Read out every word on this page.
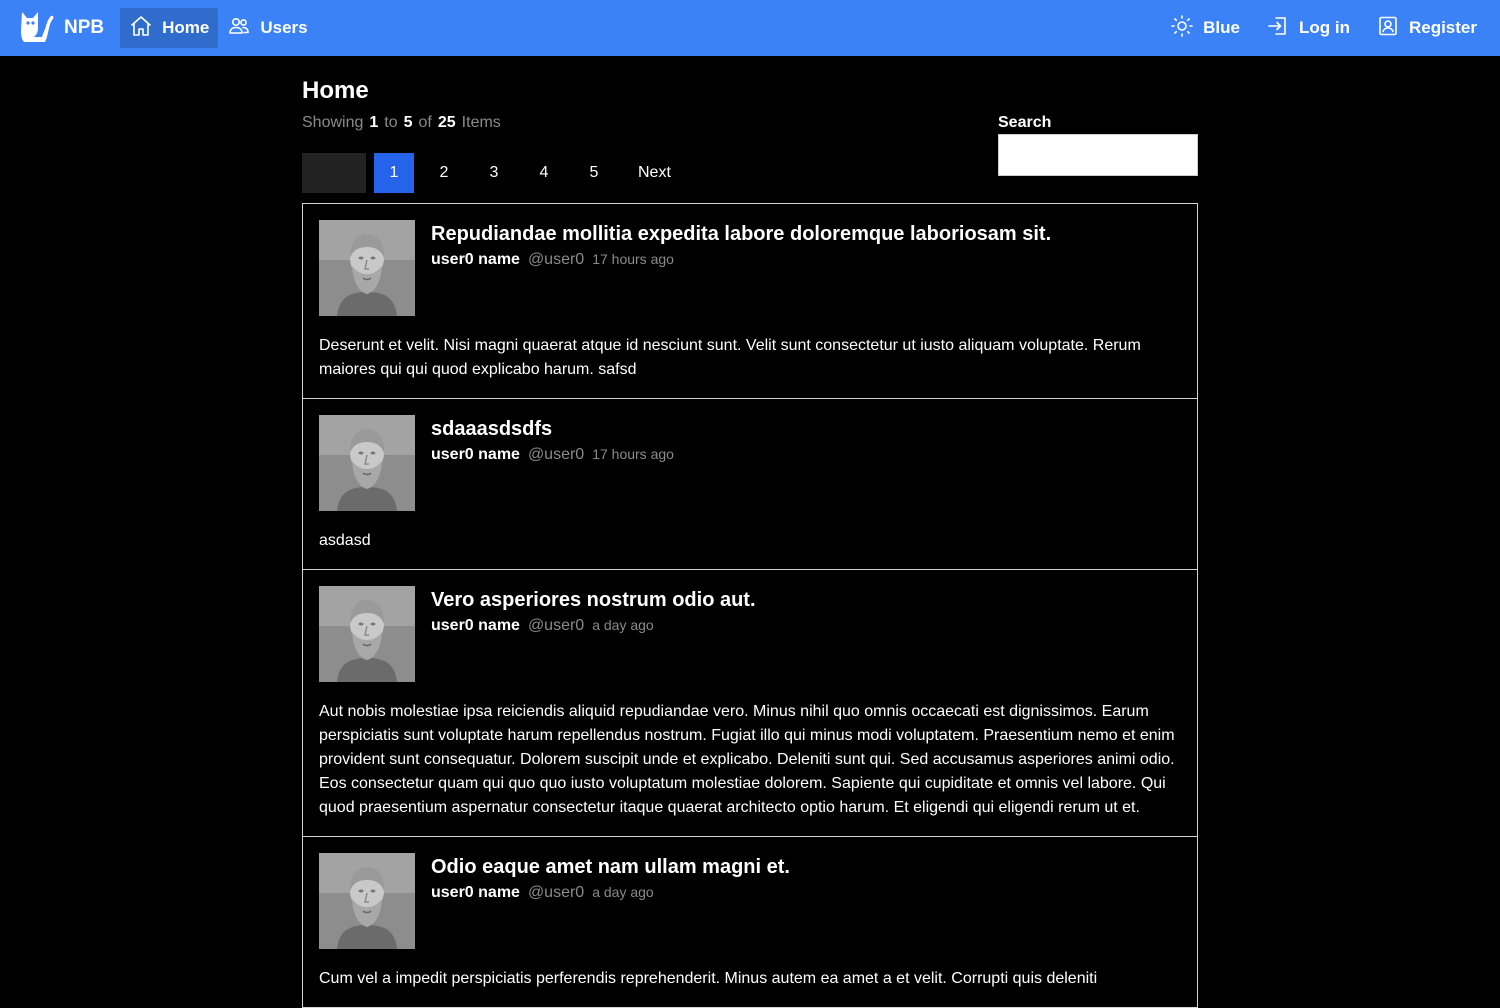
NPB	Home	Users	Blue	Log in	Register
Home
Showing 1 to 5 of 25 Items
1	2	3	4	5	Next
Search
Repudiandae mollitia expedita labore doloremque laboriosam sit.
user0 name @user0 17 hours ago
Deserunt et velit. Nisi magni quaerat atque id nesciunt sunt. Velit sunt consectetur ut iusto aliquam voluptate. Rerum maiores qui qui quod explicabo harum. safsd
sdaaasdsdfs
user0 name @user0 17 hours ago
asdasd
Vero asperiores nostrum odio aut.
user0 name @user0 a day ago
Aut nobis molestiae ipsa reiciendis aliquid repudiandae vero. Minus nihil quo omnis occaecati est dignissimos. Earum perspiciatis sunt voluptate harum repellendus nostrum. Fugiat illo qui minus modi voluptatem. Praesentium nemo et enim provident sunt consequatur. Dolorem suscipit unde et explicabo. Deleniti sunt qui. Sed accusamus asperiores animi odio. Eos consectetur quam qui quo quo iusto voluptatum molestiae dolorem. Sapiente qui cupiditate et omnis vel labore. Qui quod praesentium aspernatur consectetur itaque quaerat architecto optio harum. Et eligendi qui eligendi rerum ut et.
Odio eaque amet nam ullam magni et.
user0 name @user0 a day ago
Cum vel a impedit perspiciatis perferendis reprehenderit. Minus autem ea amet a et velit. Corrupti quis deleniti
